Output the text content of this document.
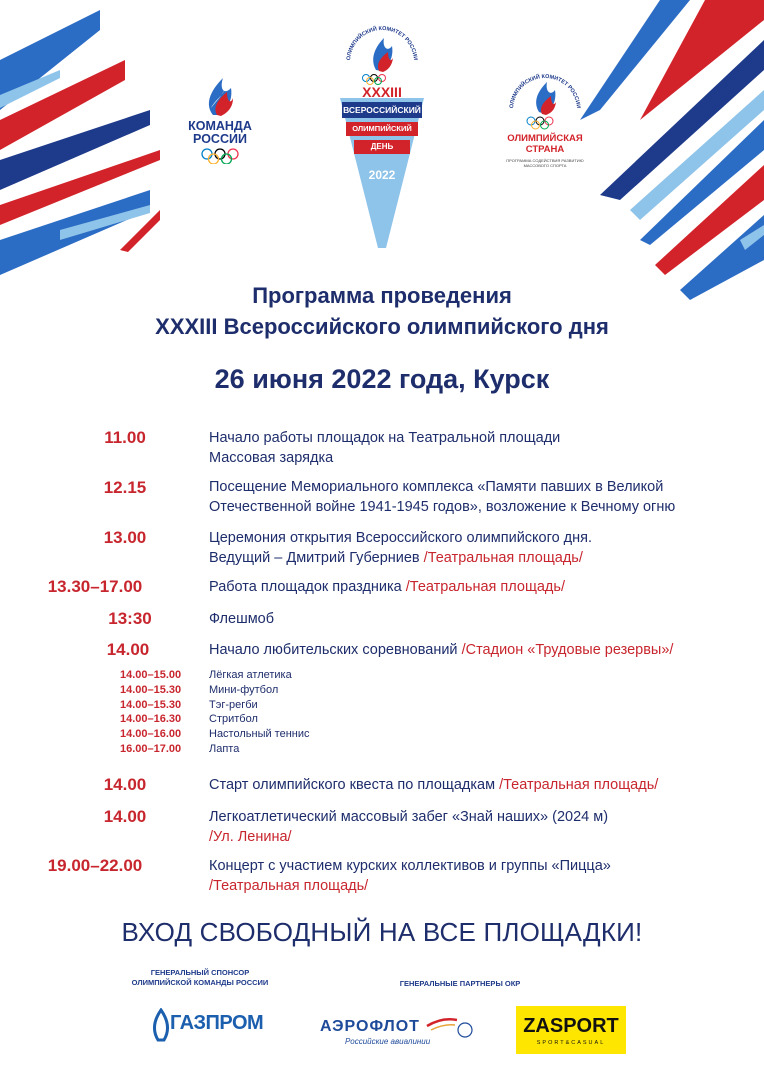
КОМАНДА
РОССИИ
ОЛИМПИЙСКИЙ КОМИТЕТ РОССИИ
XXXIII
ВСЕРОССИЙСКИЙ
ОЛИМПИЙСКИЙ
ДЕНЬ
2022
ОЛИМПИЙСКИЙ КОМИТЕТ РОССИИ
ОЛИМПИЙСКАЯ
СТРАНА
ПРОГРАММА СОДЕЙСТВИЯ РАЗВИТИЮ МАССОВОГО СПОРТА
Программа проведения
XXXIII Всероссийского олимпийского дня
26 июня 2022 года, Курск
11.00	Начало работы площадок на Театральной площади
Массовая зарядка
12.15	Посещение Мемориального комплекса «Памяти павших в Великой
Отечественной войне 1941-1945 годов», возложение к Вечному огню
13.00	Церемония открытия Всероссийского олимпийского дня.
Ведущий – Дмитрий Губерниев /Театральная площадь/
13.30–17.00	Работа площадок праздника /Театральная площадь/
13:30	Флешмоб
14.00	Начало любительских соревнований /Стадион «Трудовые резервы»/
14.00–15.00	Лёгкая атлетика
14.00–15.30	Мини-футбол
14.00–15.30	Тэг-регби
14.00–16.30	Стритбол
14.00–16.00	Настольный теннис
16.00–17.00	Лапта
14.00	Старт олимпийского квеста по площадкам /Театральная площадь/
14.00	Легкоатлетический массовый забег «Знай наших» (2024 м)
/Ул. Ленина/
19.00–22.00	Концерт с участием курских коллективов и группы «Пицца»
/Театральная площадь/
ВХОД СВОБОДНЫЙ НА ВСЕ ПЛОЩАДКИ!
ГЕНЕРАЛЬНЫЙ СПОНСОР
ОЛИМПИЙСКОЙ КОМАНДЫ РОССИИ	ГЕНЕРАЛЬНЫЕ ПАРТНЕРЫ ОКР
ГАЗПРОМ	АЭРОФЛОТ
Российские авиалинии
ZASPORT
SPORT&CASUAL
